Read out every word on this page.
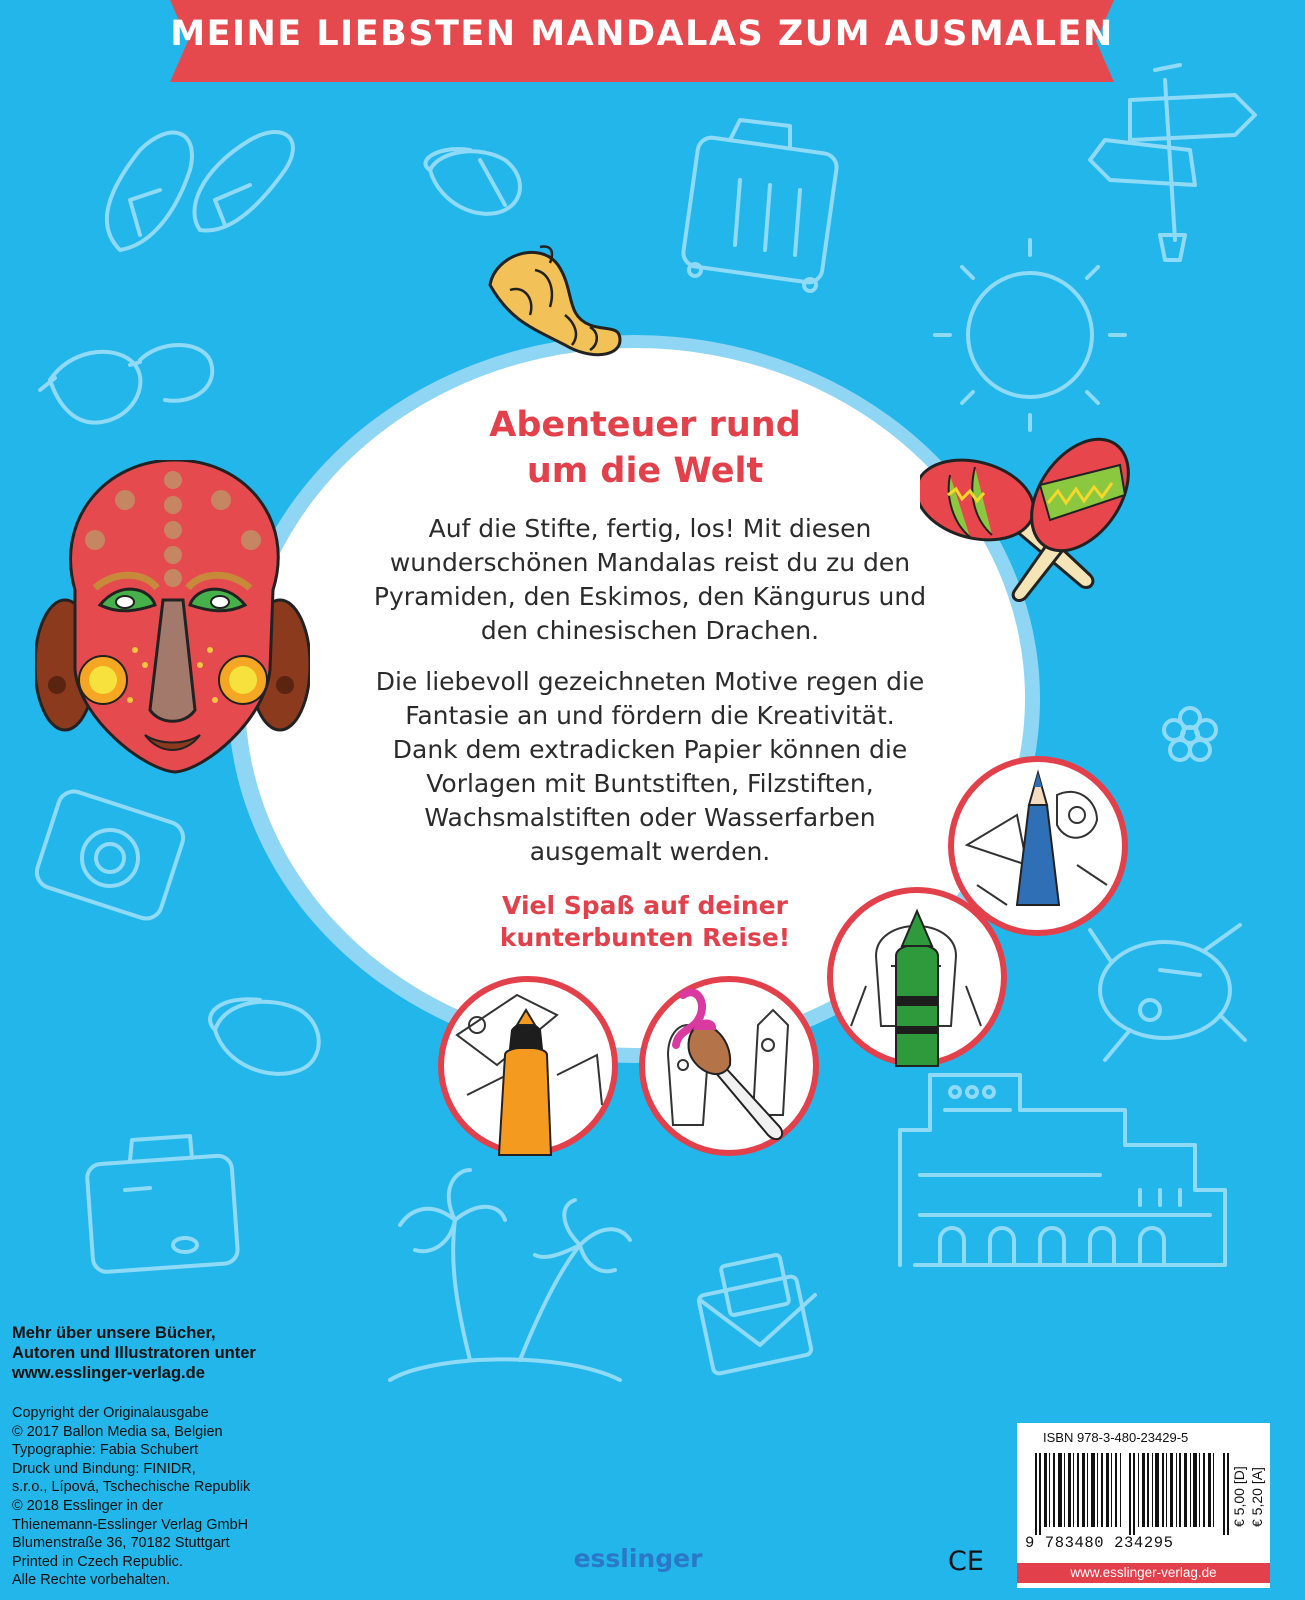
MEINE LIEBSTEN MANDALAS ZUM AUSMALEN
Abenteuer rund
um die Welt
Auf die Stifte, fertig, los! Mit diesen
wunderschönen Mandalas reist du zu den
Pyramiden, den Eskimos, den Kängurus und
den chinesischen Drachen.
Die liebevoll gezeichneten Motive regen die
Fantasie an und fördern die Kreativität.
Dank dem extradicken Papier können die
Vorlagen mit Buntstiften, Filzstiften,
Wachsmalstiften oder Wasserfarben
ausgemalt werden.
Viel Spaß auf deiner
kunterbunten Reise!
Mehr über unsere Bücher,
Autoren und Illustratoren unter
www.esslinger-verlag.de
Copyright der Originalausgabe
© 2017 Ballon Media sa, Belgien
Typographie: Fabia Schubert
Druck und Bindung: FINIDR,
s.r.o., Lípová, Tschechische Republik
© 2018 Esslinger in der
Thienemann-Esslinger Verlag GmbH
Blumenstraße 36, 70182 Stuttgart
Printed in Czech Republic.
Alle Rechte vorbehalten.
esslinger	CE
ISBN 978-3-480-23429-5
9 783480 234295
€ 5,00 [D] € 5,20 [A]
www.esslinger-verlag.de
